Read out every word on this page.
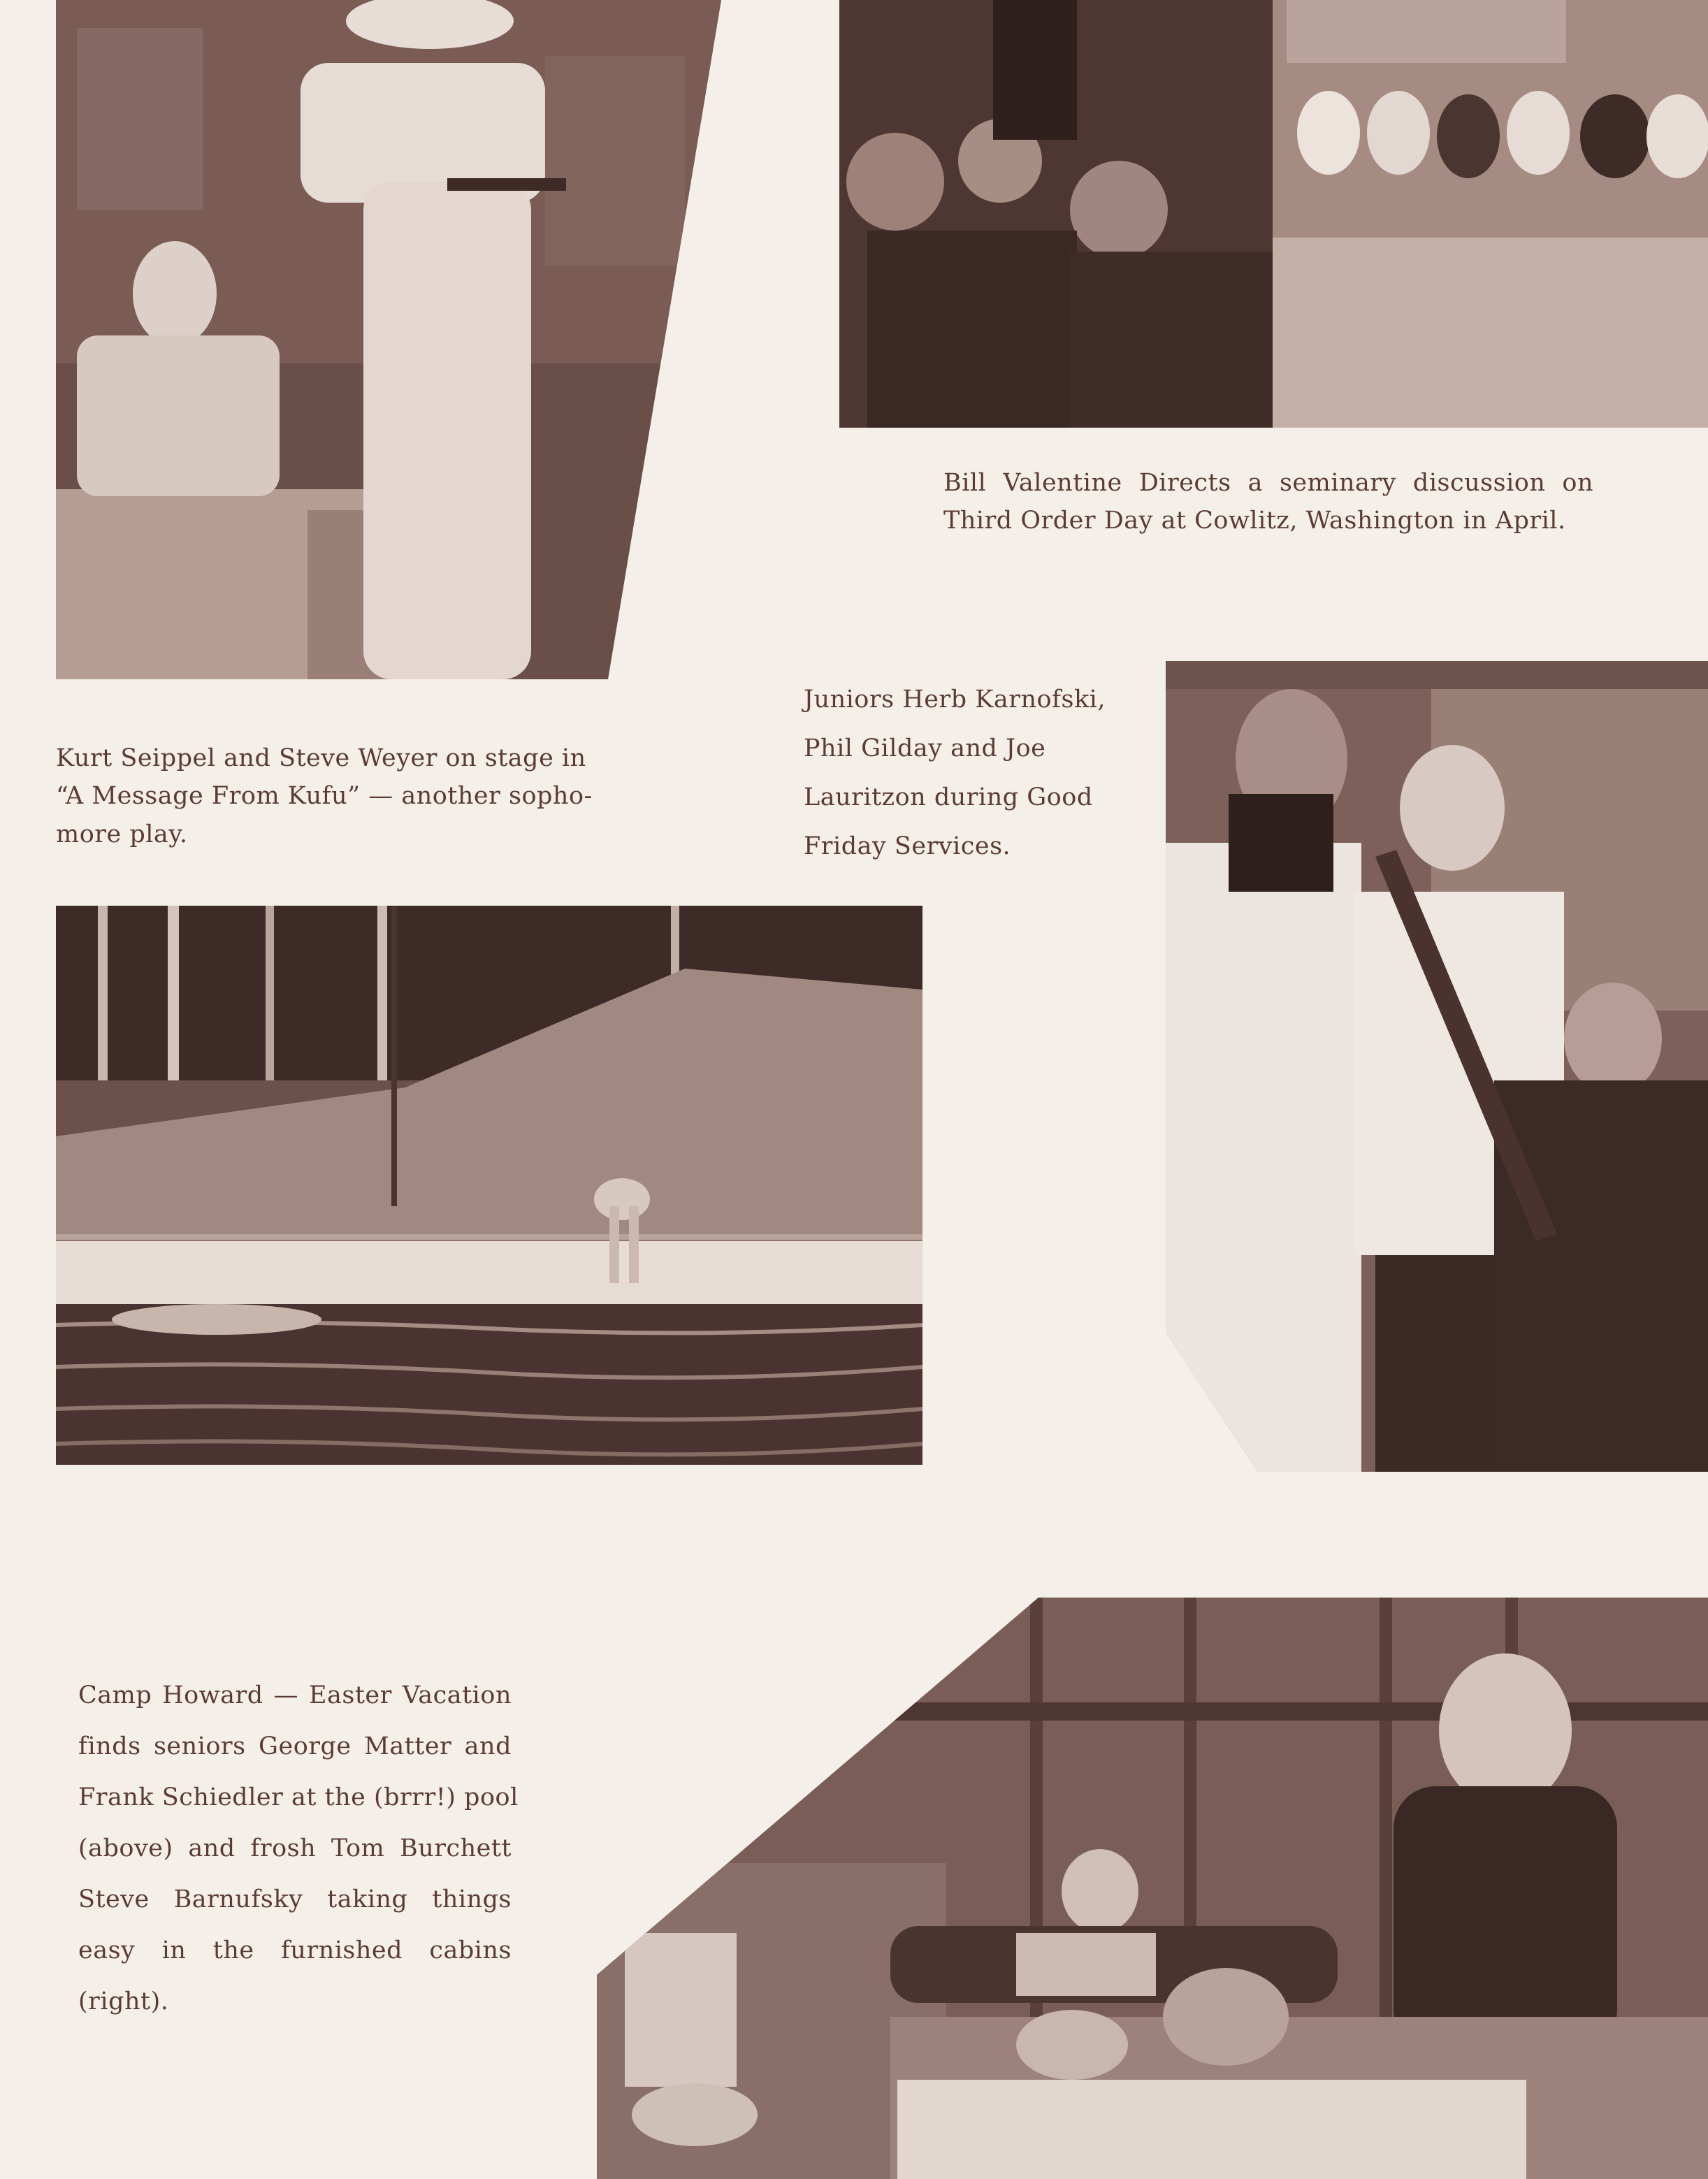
Kurt Seippel and Steve Weyer on stage in
“A Message From Kufu” — another sopho-
more play.
Bill Valentine Directs a seminary discussion on
Third Order Day at Cowlitz, Washington in April.
Juniors Herb Karnofski,
Phil Gilday and Joe
Lauritzon during Good
Friday Services.
Camp Howard — Easter Vacation
finds seniors George Matter and
Frank Schiedler at the (brrr!) pool
(above) and frosh Tom Burchett
Steve Barnufsky taking things
easy in the furnished cabins
(right).
